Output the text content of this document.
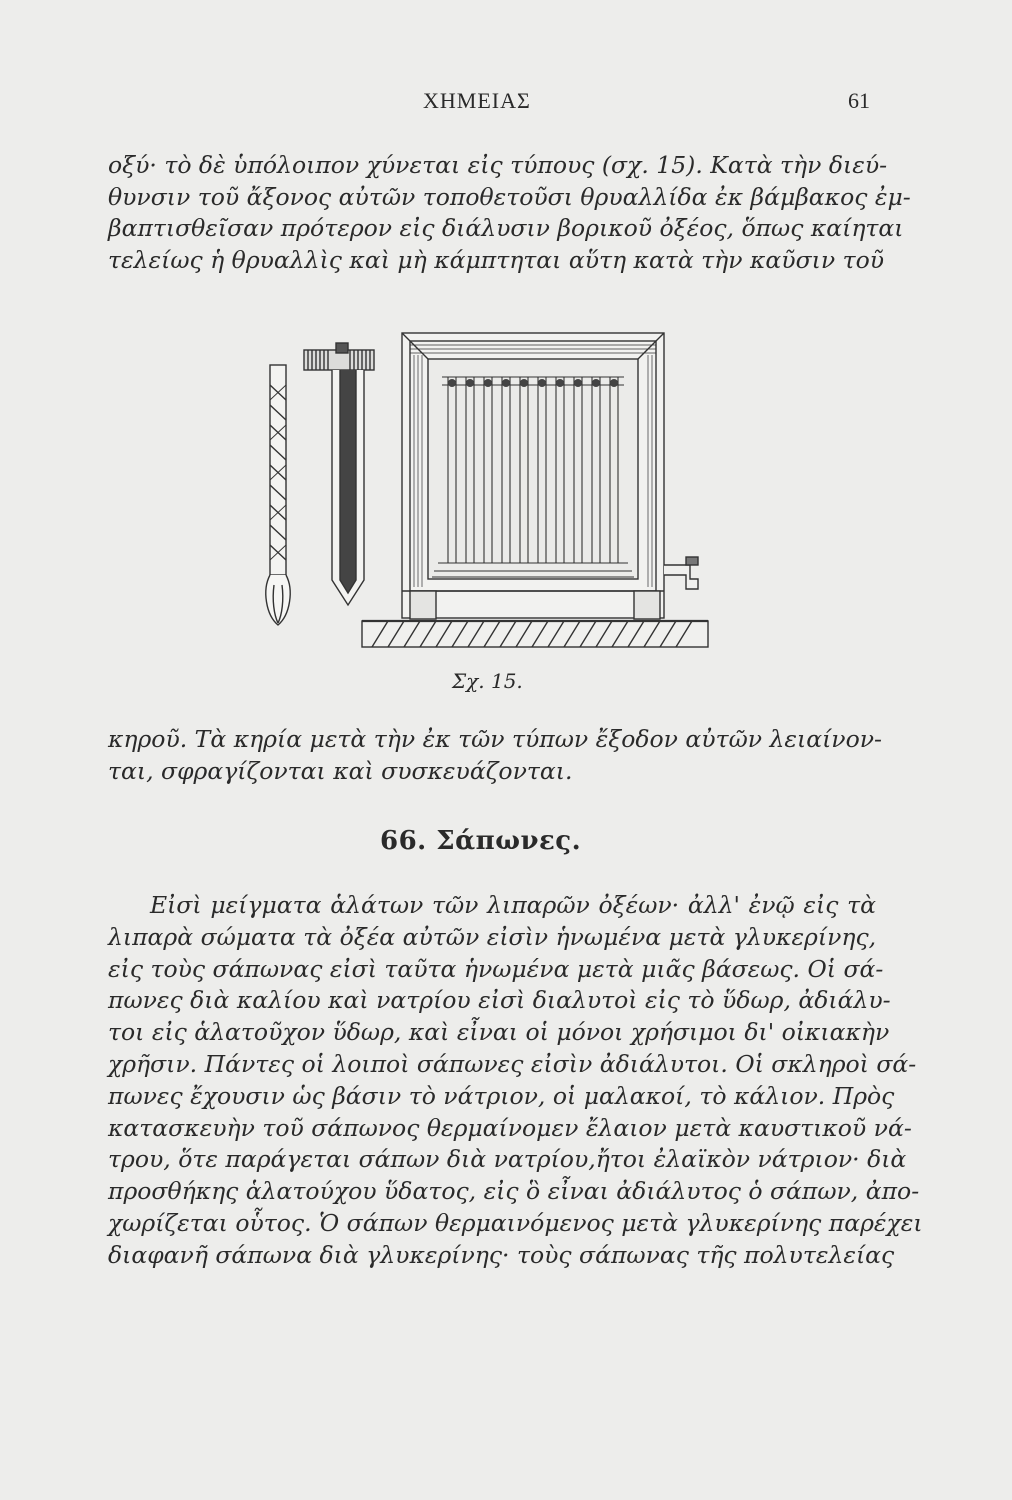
ΧΗΜΕΙΑΣ	61
οξύ· τὸ δὲ ὑπόλοιπον χύνεται εἰς τύπους (σχ. 15). Κατὰ τὴν διεύ-
θυνσιν τοῦ ἄξονος αὐτῶν τοποθετοῦσι θρυαλλίδα ἐκ βάμβακος ἐμ-
βαπτισθεῖσαν πρότερον εἰς διάλυσιν βορικοῦ ὀξέος, ὅπως καίηται
τελείως ἡ θρυαλλὶς καὶ μὴ κάμπτηται αὕτη κατὰ τὴν καῦσιν τοῦ
Σχ. 15.
κηροῦ. Τὰ κηρία μετὰ τὴν ἐκ τῶν τύπων ἔξοδον αὐτῶν λειαίνον-
ται, σφραγίζονται καὶ συσκευάζονται.
66. Σάπωνες.
Εἰσὶ μείγματα ἁλάτων τῶν λιπαρῶν ὀξέων· ἀλλ' ἐνῷ εἰς τὰ
λιπαρὰ σώματα τὰ ὀξέα αὐτῶν εἰσὶν ἡνωμένα μετὰ γλυκερίνης,
εἰς τοὺς σάπωνας εἰσὶ ταῦτα ἡνωμένα μετὰ μιᾶς βάσεως. Οἱ σά-
πωνες διὰ καλίου καὶ νατρίου εἰσὶ διαλυτοὶ εἰς τὸ ὕδωρ, ἀδιάλυ-
τοι εἰς ἁλατοῦχον ὕδωρ, καὶ εἶναι οἱ μόνοι χρήσιμοι δι' οἰκιακὴν
χρῆσιν. Πάντες οἱ λοιποὶ σάπωνες εἰσὶν ἀδιάλυτοι. Οἱ σκληροὶ σά-
πωνες ἔχουσιν ὡς βάσιν τὸ νάτριον, οἱ μαλακοί, τὸ κάλιον. Πρὸς
κατασκευὴν τοῦ σάπωνος θερμαίνομεν ἔλαιον μετὰ καυστικοῦ νά-
τρου, ὅτε παράγεται σάπων διὰ νατρίου,ἤτοι ἐλαϊκὸν νάτριον· διὰ
προσθήκης ἁλατούχου ὕδατος, εἰς ὃ εἶναι ἀδιάλυτος ὁ σάπων, ἀπο-
χωρίζεται οὗτος. Ὁ σάπων θερμαινόμενος μετὰ γλυκερίνης παρέχει
διαφανῆ σάπωνα διὰ γλυκερίνης· τοὺς σάπωνας τῆς πολυτελείας
